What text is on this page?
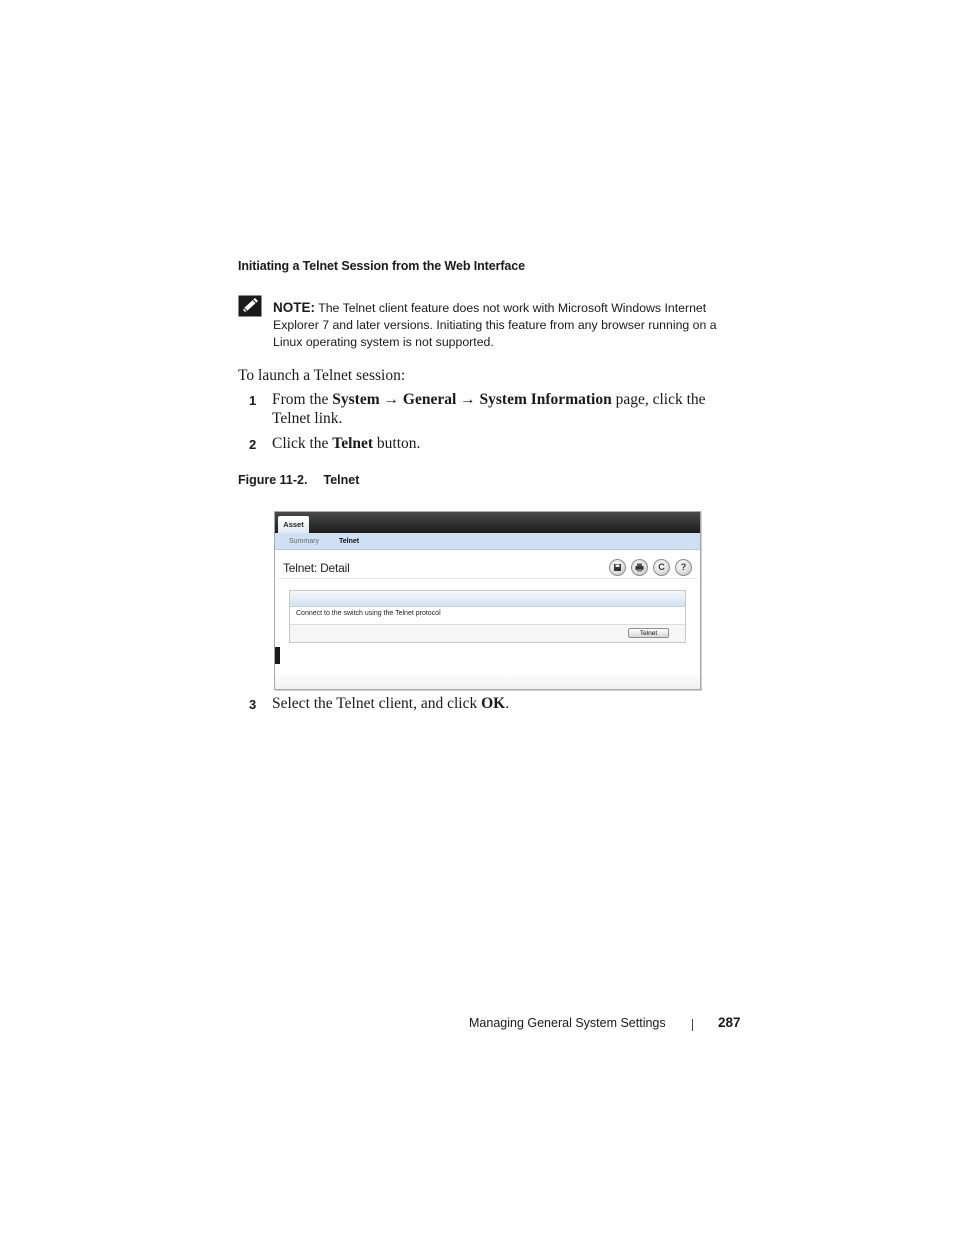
Initiating a Telnet Session from the Web Interface
NOTE: The Telnet client feature does not work with Microsoft Windows Internet Explorer 7 and later versions. Initiating this feature from any browser running on a Linux operating system is not supported.
To launch a Telnet session:
1 From the System → General → System Information page, click the Telnet link.
2 Click the Telnet button.
Figure 11-2. Telnet
Asset
Summary	Telnet
Telnet: Detail	C	?
Connect to the switch using the Telnet protocol
Telnet
3 Select the Telnet client, and click OK.
Managing General System Settings	287
